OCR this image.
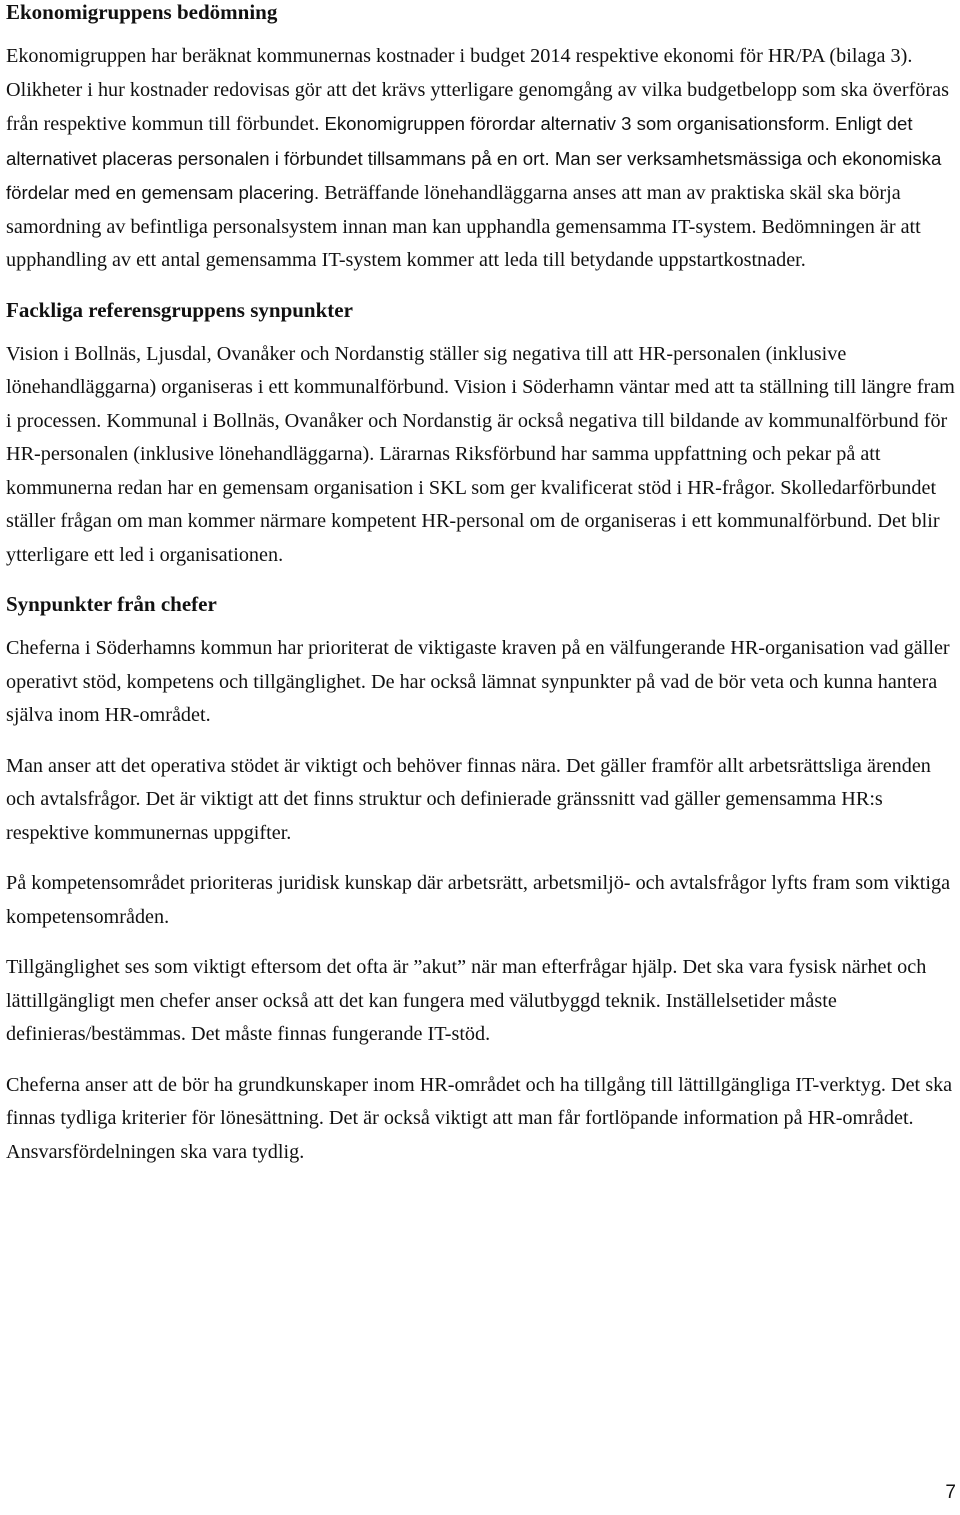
Ekonomigruppens bedömning

Ekonomigruppen har beräknat kommunernas kostnader i budget 2014 respektive ekonomi för HR/PA (bilaga 3). Olikheter i hur kostnader redovisas gör att det krävs ytterligare genomgång av vilka budgetbelopp som ska överföras från respektive kommun till förbundet. Ekonomigruppen förordar alternativ 3 som organisationsform. Enligt det alternativet placeras personalen i förbundet tillsammans på en ort. Man ser verksamhetsmässiga och ekonomiska fördelar med en gemensam placering. Beträffande lönehandläggarna anses att man av praktiska skäl ska börja samordning av befintliga personalsystem innan man kan upphandla gemensamma IT-system. Bedömningen är att upphandling av ett antal gemensamma IT-system kommer att leda till betydande uppstartkostnader.

Fackliga referensgruppens synpunkter

Vision i Bollnäs, Ljusdal, Ovanåker och Nordanstig ställer sig negativa till att HR-personalen (inklusive lönehandläggarna) organiseras i ett kommunalförbund. Vision i Söderhamn väntar med att ta ställning till längre fram i processen. Kommunal i Bollnäs, Ovanåker och Nordanstig är också negativa till bildande av kommunalförbund för HR-personalen (inklusive lönehandläggarna). Lärarnas Riksförbund har samma uppfattning och pekar på att kommunerna redan har en gemensam organisation i SKL som ger kvalificerat stöd i HR-frågor. Skolledarförbundet ställer frågan om man kommer närmare kompetent HR-personal om de organiseras i ett kommunalförbund. Det blir ytterligare ett led i organisationen.

Synpunkter från chefer

Cheferna i Söderhamns kommun har prioriterat de viktigaste kraven på en välfungerande HR-organisation vad gäller operativt stöd, kompetens och tillgänglighet. De har också lämnat synpunkter på vad de bör veta och kunna hantera själva inom HR-området.

Man anser att det operativa stödet är viktigt och behöver finnas nära. Det gäller framför allt arbetsrättsliga ärenden och avtalsfrågor. Det är viktigt att det finns struktur och definierade gränssnitt vad gäller gemensamma HR:s respektive kommunernas uppgifter.

På kompetensområdet prioriteras juridisk kunskap där arbetsrätt, arbetsmiljö- och avtalsfrågor lyfts fram som viktiga kompetensområden.

Tillgänglighet ses som viktigt eftersom det ofta är ”akut” när man efterfrågar hjälp. Det ska vara fysisk närhet och lättillgängligt men chefer anser också att det kan fungera med välutbyggd teknik. Inställelsetider måste definieras/bestämmas. Det måste finnas fungerande IT-stöd.

Cheferna anser att de bör ha grundkunskaper inom HR-området och ha tillgång till lättillgängliga IT-verktyg. Det ska finnas tydliga kriterier för lönesättning. Det är också viktigt att man får fortlöpande information på HR-området. Ansvarsfördelningen ska vara tydlig.

7
